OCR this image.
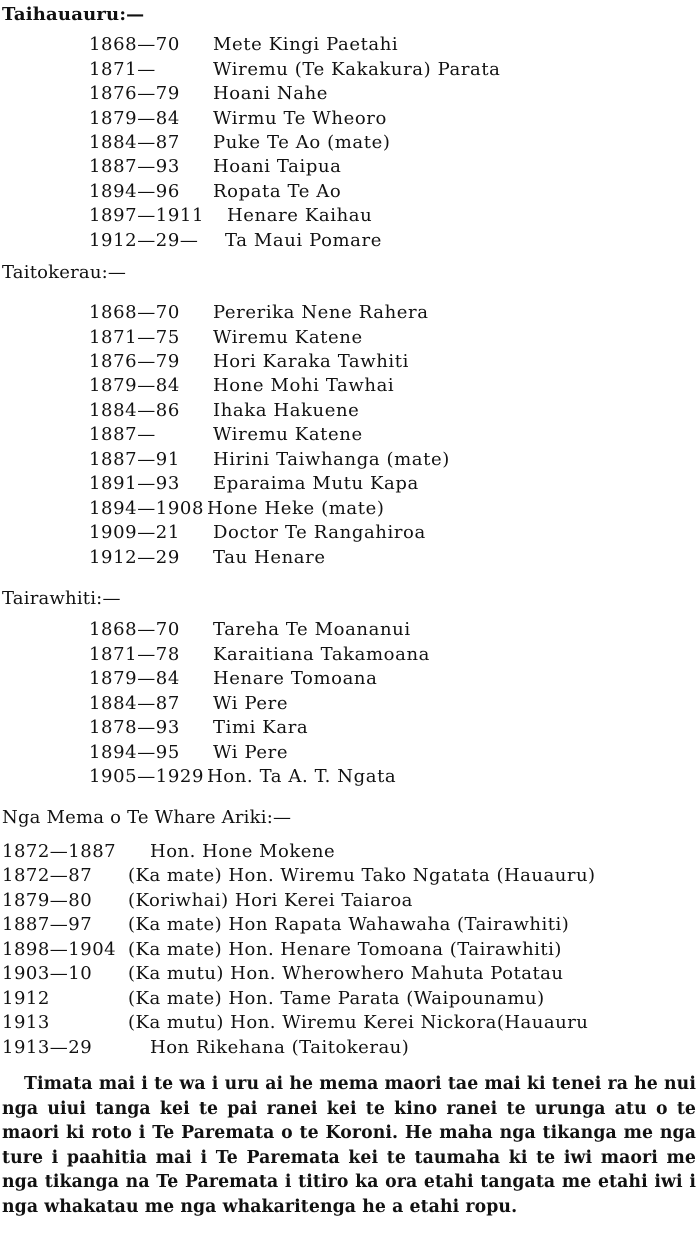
Taihauauru:—
1868—70 Mete Kingi Paetahi
1871—	Wiremu (Te Kakakura) Parata
1876—79 Hoani Nahe
1879—84 Wirmu Te Wheoro
1884—87 Puke Te Ao (mate)
1887—93 Hoani Taipua
1894—96 Ropata Te Ao
1897—1911 Henare Kaihau
1912—29— Ta Maui Pomare
Taitokerau:—
1868—70 Pererika Nene Rahera
1871—75 Wiremu Katene
1876—79 Hori Karaka Tawhiti
1879—84 Hone Mohi Tawhai
1884—86 Ihaka Hakuene
1887—	Wiremu Katene
1887—91 Hirini Taiwhanga (mate)
1891—93 Eparaima Mutu Kapa
1894—1908 Hone Heke (mate)
1909—21 Doctor Te Rangahiroa
1912—29 Tau Henare
Tairawhiti:—
1868—70 Tareha Te Moananui
1871—78 Karaitiana Takamoana
1879—84 Henare Tomoana
1884—87 Wi Pere
1878—93 Timi Kara
1894—95 Wi Pere
1905—1929 Hon. Ta A. T. Ngata
Nga Mema o Te Whare Ariki:—
1872—1887 Hon. Hone Mokene
1872—87 (Ka mate) Hon. Wiremu Tako Ngatata (Hauauru)
1879—80 (Koriwhai) Hori Kerei Taiaroa
1887—97 (Ka mate) Hon Rapata Wahawaha (Tairawhiti)
1898—1904 (Ka mate) Hon. Henare Tomoana (Tairawhiti)
1903—10 (Ka mutu) Hon. Wherowhero Mahuta Potatau
1912	(Ka mate) Hon. Tame Parata (Waipounamu)
1913	(Ka mutu) Hon. Wiremu Kerei Nickora(Hauauru
1913—29	Hon Rikehana (Taitokerau)
Timata mai i te wa i uru ai he mema maori tae mai ki tenei ra he nui nga uiui tanga kei te pai ranei kei te kino ranei te urunga atu o te maori ki roto i Te Paremata o te Koroni. He maha nga tikanga me nga ture i paahitia mai i Te Paremata kei te taumaha ki te iwi maori me nga tikanga na Te Paremata i titiro ka ora etahi tangata me etahi iwi i nga whakatau me nga whakaritenga he a etahi ropu.
